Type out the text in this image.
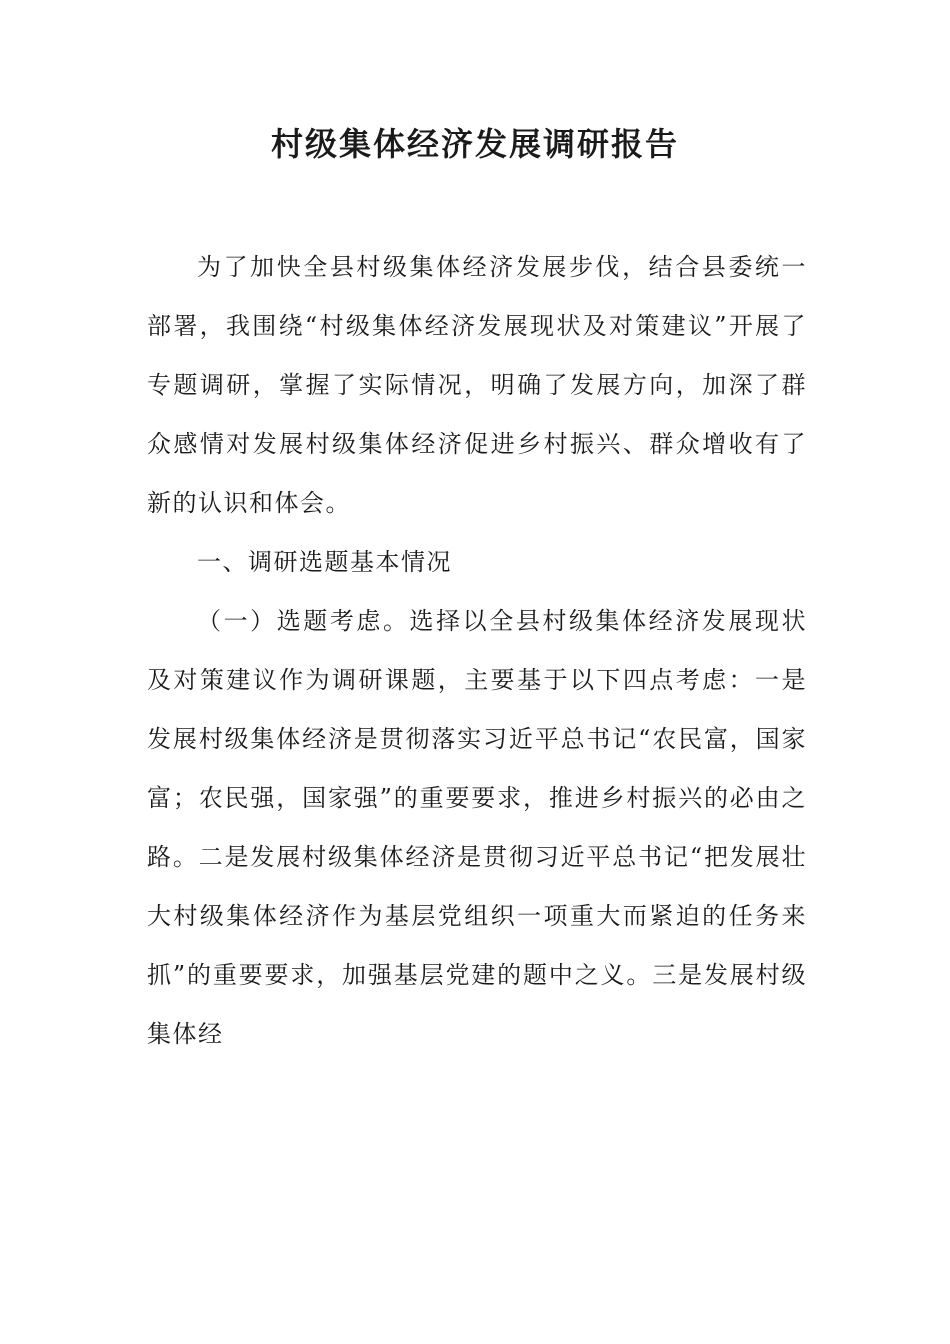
村级集体经济发展调研报告

为了加快全县村级集体经济发展步伐，结合县委统一部署，我围绕“村级集体经济发展现状及对策建议”开展了专题调研，掌握了实际情况，明确了发展方向，加深了群众感情对发展村级集体经济促进乡村振兴、群众增收有了新的认识和体会。

一、调研选题基本情况

（一）选题考虑。选择以全县村级集体经济发展现状及对策建议作为调研课题，主要基于以下四点考虑：一是发展村级集体经济是贯彻落实习近平总书记“农民富，国家富；农民强，国家强”的重要要求，推进乡村振兴的必由之路。二是发展村级集体经济是贯彻习近平总书记“把发展壮大村级集体经济作为基层党组织一项重大而紧迫的任务来抓”的重要要求，加强基层党建的题中之义。三是发展村级集体经
